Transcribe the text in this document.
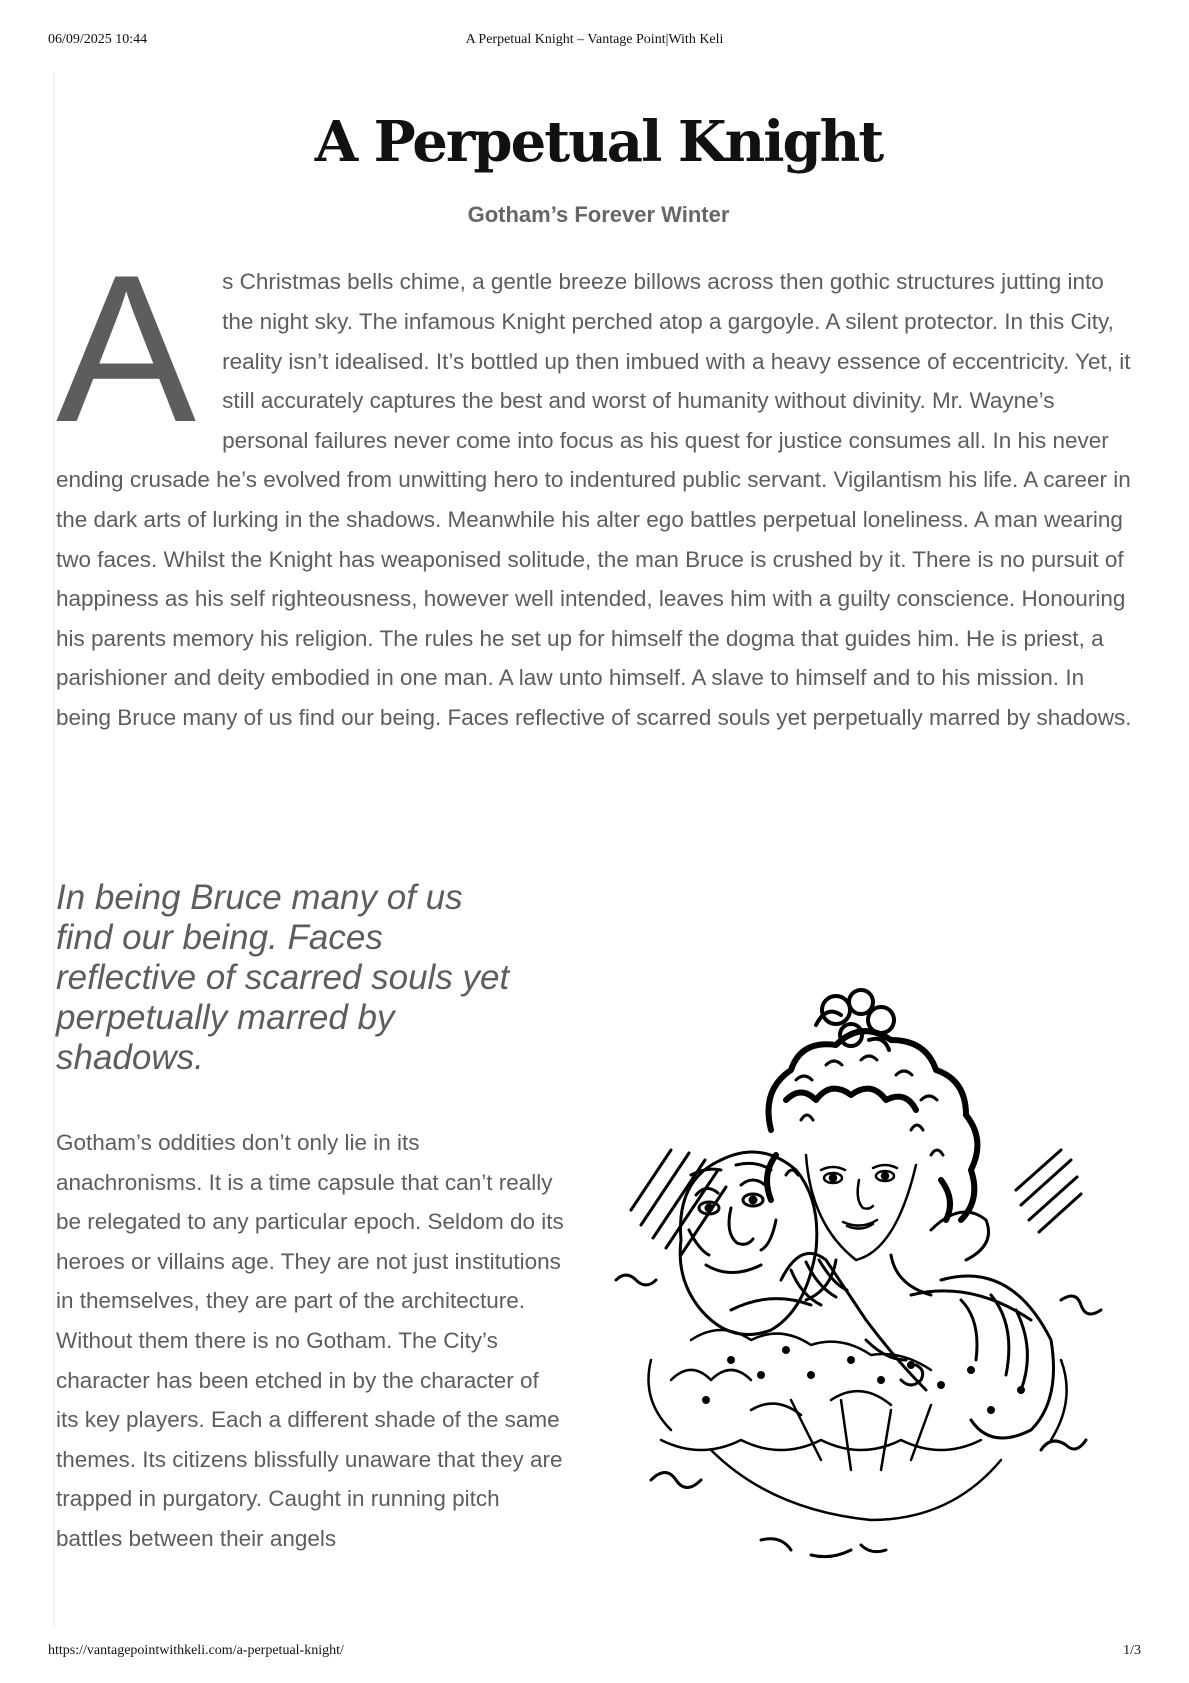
06/09/2025 10:44	A Perpetual Knight – Vantage Point|With Keli
A Perpetual Knight
Gotham’s Forever Winter

A s Christmas bells chime, a gentle breeze billows across then gothic structures jutting into the night sky. The infamous Knight perched atop a gargoyle. A silent protector. In this City, reality isn’t idealised. It’s bottled up then imbued with a heavy essence of eccentricity. Yet, it still accurately captures the best and worst of humanity without divinity. Mr. Wayne’s personal failures never come into focus as his quest for justice consumes all. In his never ending crusade he’s evolved from unwitting hero to indentured public servant. Vigilantism his life. A career in the dark arts of lurking in the shadows. Meanwhile his alter ego battles perpetual loneliness. A man wearing two faces. Whilst the Knight has weaponised solitude, the man Bruce is crushed by it. There is no pursuit of happiness as his self righteousness, however well intended, leaves him with a guilty conscience. Honouring his parents memory his religion. The rules he set up for himself the dogma that guides him. He is priest, a parishioner and deity embodied in one man. A law unto himself. A slave to himself and to his mission. In being Bruce many of us find our being. Faces reflective of scarred souls yet perpetually marred by shadows.

In being Bruce many of us find our being. Faces reflective of scarred souls yet perpetually marred by shadows.

Gotham’s oddities don’t only lie in its anachronisms. It is a time capsule that can’t really be relegated to any particular epoch. Seldom do its heroes or villains age. They are not just institutions in themselves, they are part of the architecture. Without them there is no Gotham. The City’s character has been etched in by the character of its key players. Each a different shade of the same themes. Its citizens blissfully unaware that they are trapped in purgatory. Caught in running pitch battles between their angels

https://vantagepointwithkeli.com/a-perpetual-knight/	1/3
